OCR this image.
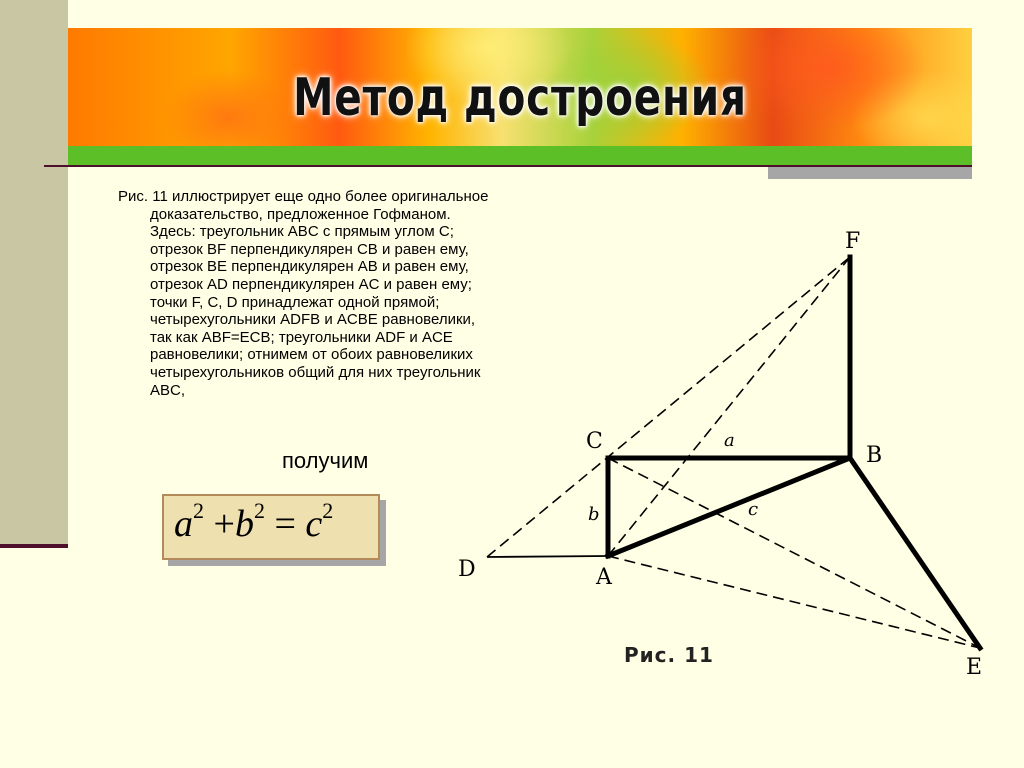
Метод достроения
Рис. 11 иллюстрирует еще одно более оригинальное
доказательство, предложенное Гофманом.
Здесь: треугольник ABC с прямым углом C;
отрезок BF перпендикулярен CB и равен ему,
отрезок BE перпендикулярен AB и равен ему,
отрезок AD перпендикулярен AC и равен ему;
точки F, C, D принадлежат одной прямой;
четырехугольники ADFB и ACBE равновелики,
так как ABF=ECB; треугольники ADF и ACE
равновелики; отнимем от обоих равновеликих
четырехугольников общий для них треугольник
ABC,
получим
$a^2 +b^2 = c^2$
F
C
B
D	A
E
a
b	c
Рис. 11
